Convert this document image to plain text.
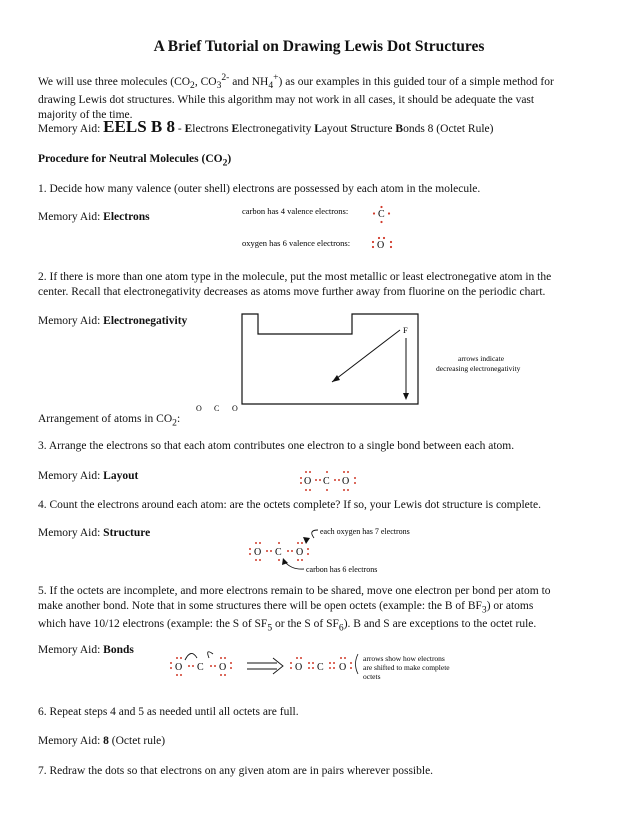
A Brief Tutorial on Drawing Lewis Dot Structures
We will use three molecules ($CO_2$, $CO_3^{2-}$ and $NH_4^+$) as our examples in this guided tour of a simple method for
drawing Lewis dot structures. While this algorithm may not work in all cases, it should be adequate the vast
majority of the time.
Memory Aid: EELS B 8 - Electrons Electronegativity Layout Structure Bonds 8 (Octet Rule)
Procedure for Neutral Molecules $(CO_2)$
1. Decide how many valence (outer shell) electrons are possessed by each atom in the molecule.
Memory Aid: Electrons	carbon has 4 valence electrons:	C
oxygen has 6 valence electrons:	O
2. If there is more than one atom type in the molecule, put the most metallic or least electronegative atom in the
center. Recall that electronegativity decreases as atoms move further away from fluorine on the periodic chart.
Memory Aid: Electronegativity
F
arrows indicate
decreasing electronegativity
Arrangement of atoms in $CO_2$:
O C O
3. Arrange the electrons so that each atom contributes one electron to a single bond between each atom.
Memory Aid: Layout	O C O
4. Count the electrons around each atom: are the octets complete? If so, your Lewis dot structure is complete.
Memory Aid: Structure
O C O
each oxygen has 7 electrons
carbon has 6 electrons
5. If the octets are incomplete, and more electrons remain to be shared, move one electron per bond per atom to
make another bond. Note that in some structures there will be open octets (example: the B of $BF_3$) or atoms
which have 10/12 electrons (example: the S of $SF_5$ or the S of $SF_6$). B and S are exceptions to the octet rule.
Memory Aid: Bonds
O C O	O C O
arrows show how electrons
are shifted to make complete
octets
6. Repeat steps 4 and 5 as needed until all octets are full.
Memory Aid: 8 (Octet rule)
7. Redraw the dots so that electrons on any given atom are in pairs wherever possible.
